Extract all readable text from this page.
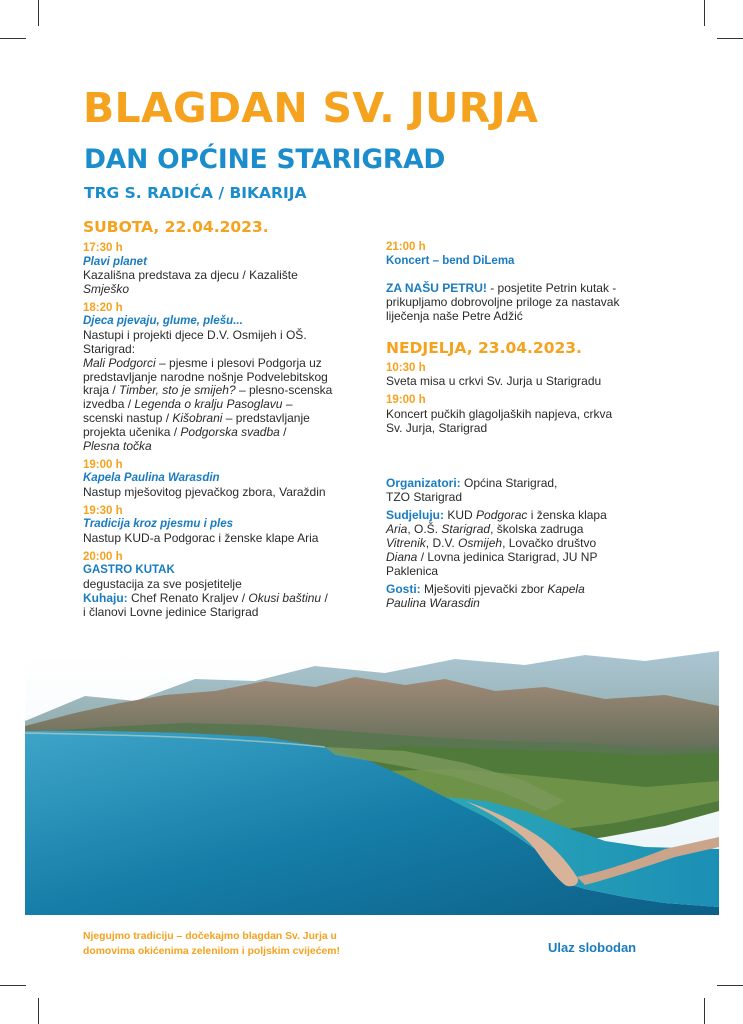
BLAGDAN SV. JURJA
DAN OPĆINE STARIGRAD
TRG S. RADIĆA / BIKARIJA
SUBOTA, 22.04.2023.
17:30 h
Plavi planet
Kazališna predstava za djecu / Kazalište
Smješko
18:20 h
Djeca pjevaju, glume, plešu...
Nastupi i projekti djece D.V. Osmijeh i OŠ.
Starigrad:
Mali Podgorci – pjesme i plesovi Podgorja uz
predstavljanje narodne nošnje Podvelebitskog
kraja / Timber, sto je smijeh? – plesno-scenska
izvedba / Legenda o kralju Pasoglavu –
scenski nastup / Kišobrani – predstavljanje
projekta učenika / Podgorska svadba /
Plesna točka
19:00 h
Kapela Paulina Warasdin
Nastup mješovitog pjevačkog zbora, Varaždin
19:30 h
Tradicija kroz pjesmu i ples
Nastup KUD-a Podgorac i ženske klape Aria
20:00 h
GASTRO KUTAK
degustacija za sve posjetitelje
Kuhaju: Chef Renato Kraljev / Okusi baštinu /
i članovi Lovne jedinice Starigrad
21:00 h
Koncert – bend DiLema
ZA NAŠU PETRU! - posjetite Petrin kutak -
prikupljamo dobrovoljne priloge za nastavak
liječenja naše Petre Adžić
NEDJELJA, 23.04.2023.
10:30 h
Sveta misa u crkvi Sv. Jurja u Starigradu
19:00 h
Koncert pučkih glagoljaških napjeva, crkva
Sv. Jurja, Starigrad
Organizatori: Općina Starigrad,
TZO Starigrad
Sudjeluju: KUD Podgorac i ženska klapa
Aria, O.Š. Starigrad, školska zadruga
Vitrenik, D.V. Osmijeh, Lovačko društvo
Diana / Lovna jedinica Starigrad, JU NP
Paklenica
Gosti: Mješoviti pjevački zbor Kapela
Paulina Warasdin
Njegujmo tradiciju – dočekajmo blagdan Sv. Jurja u
domovima okićenima zelenilom i poljskim cvijećem!	Ulaz slobodan
